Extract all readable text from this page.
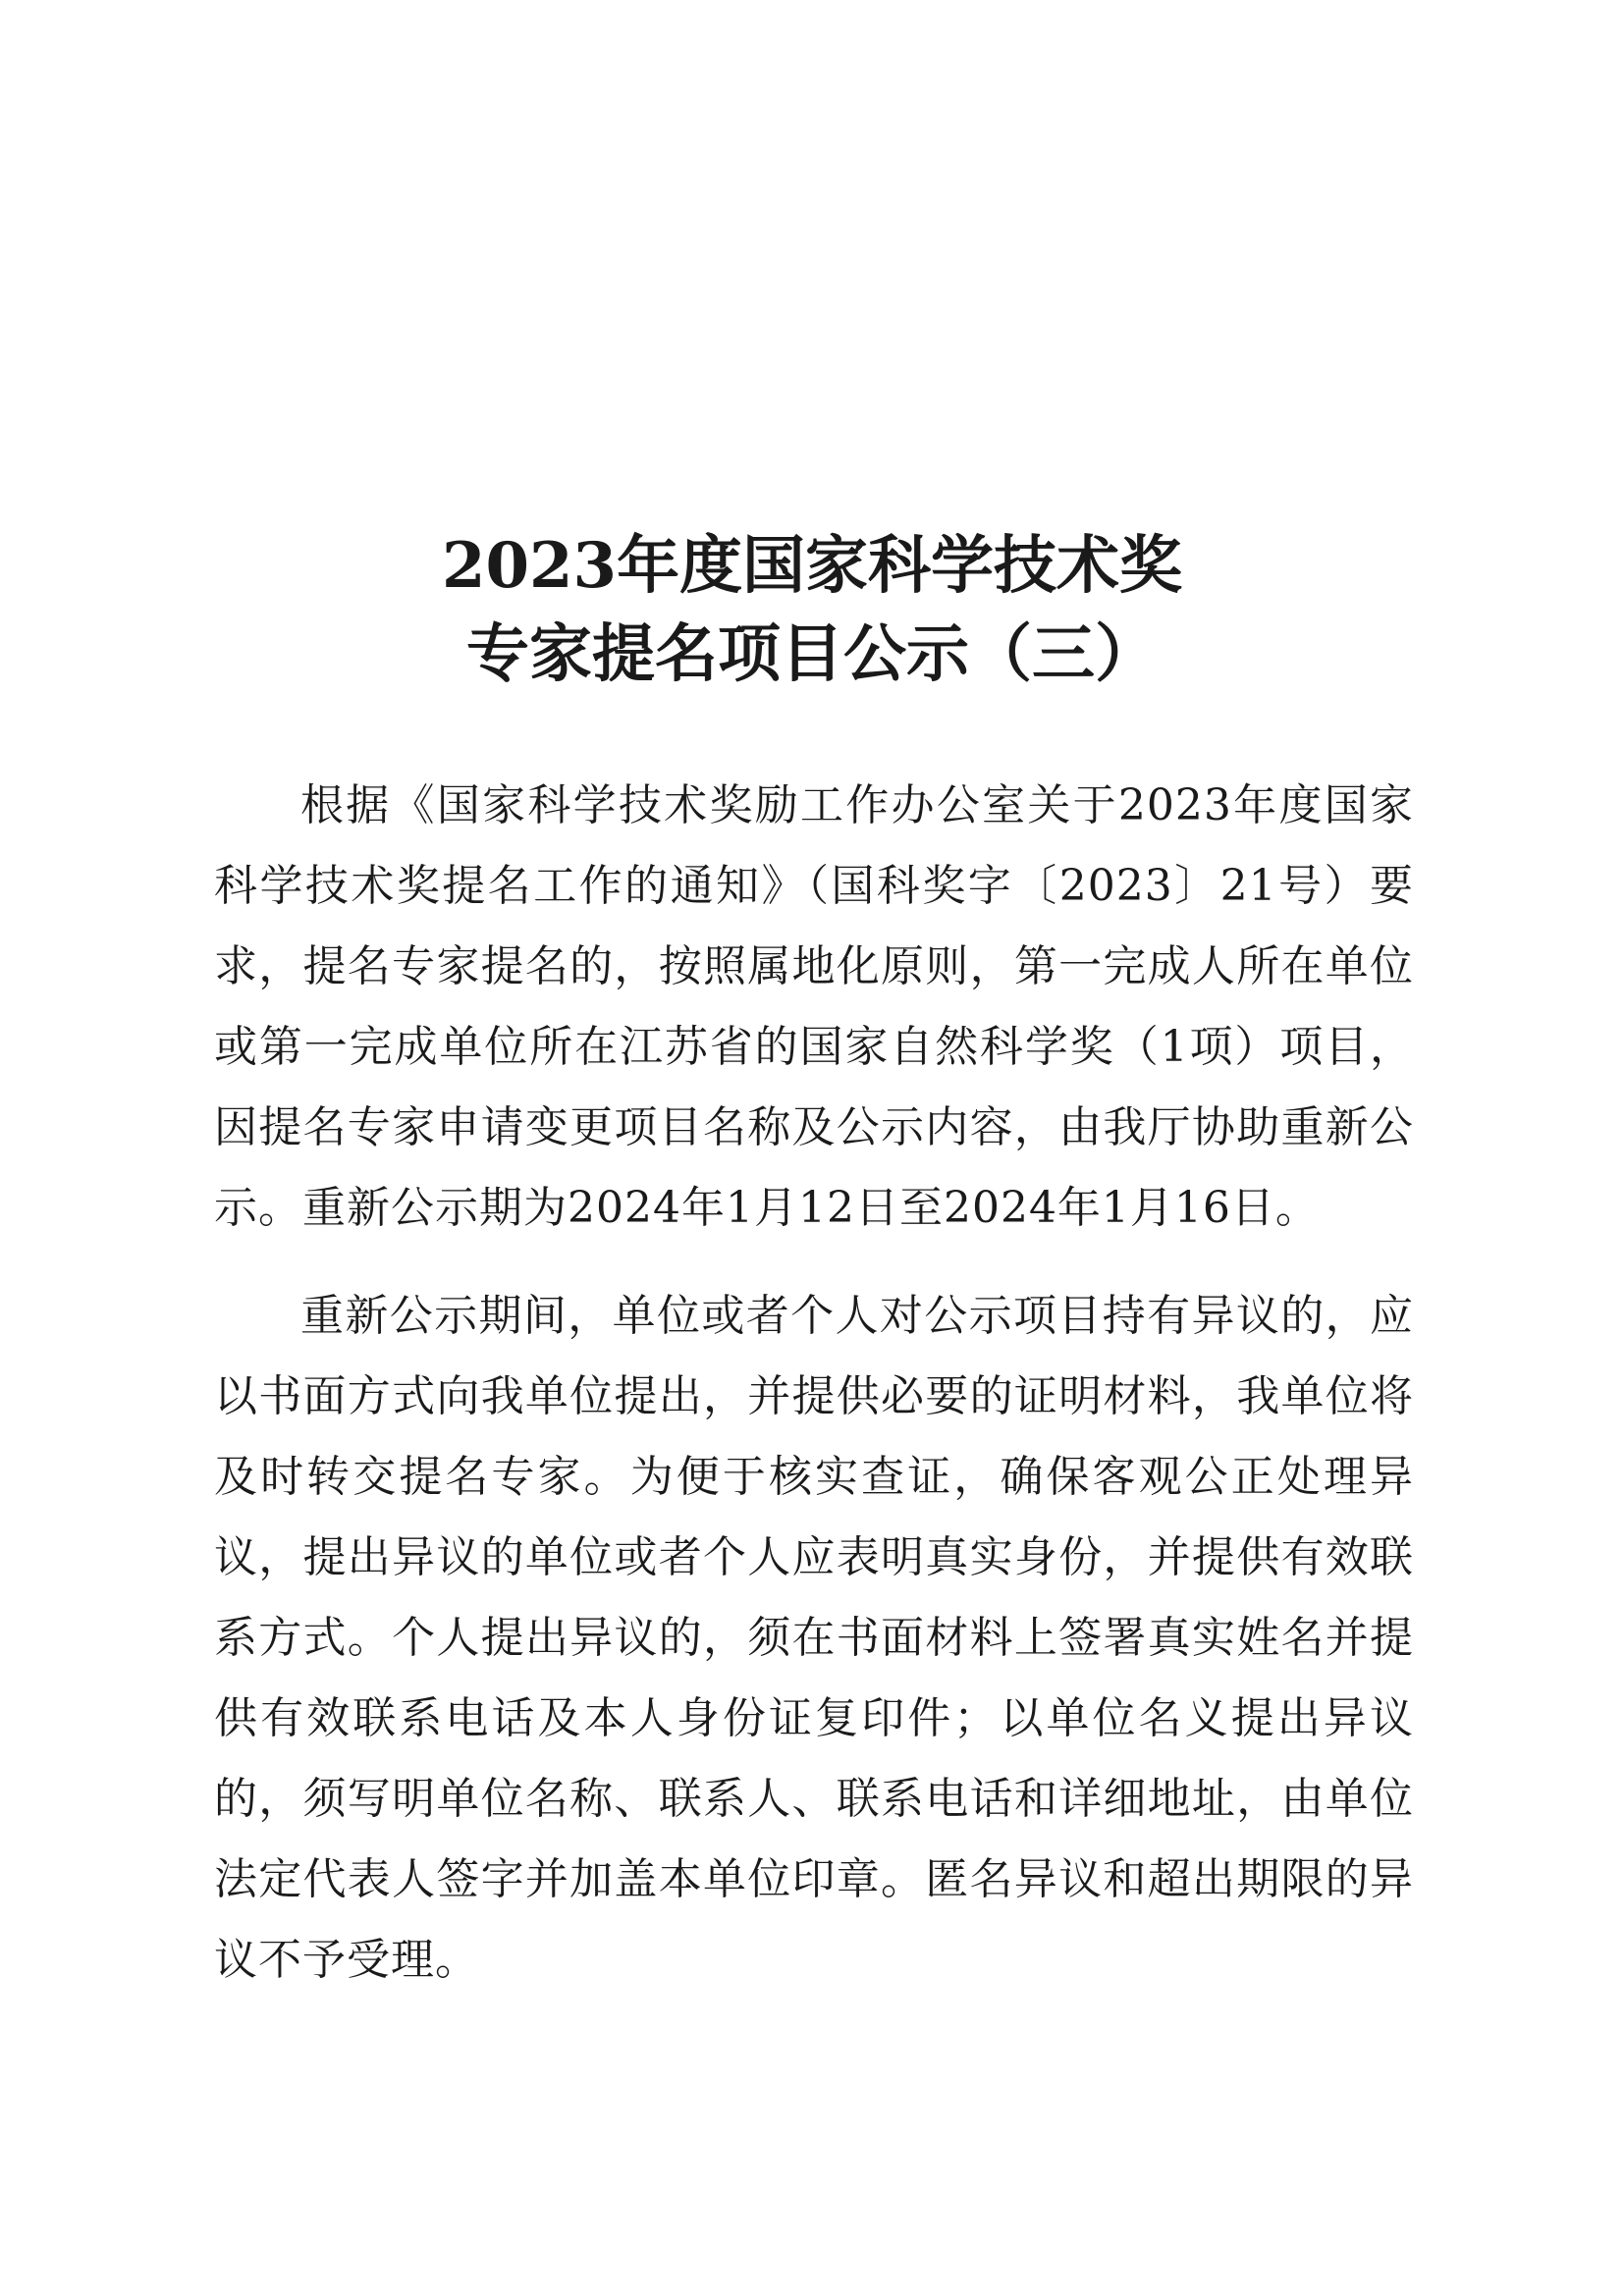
2023年度国家科学技术奖
专家提名项目公示（三）

根据《国家科学技术奖励工作办公室关于2023年度国家科学技术奖提名工作的通知》（国科奖字〔2023〕21号）要求，提名专家提名的，按照属地化原则，第一完成人所在单位或第一完成单位所在江苏省的国家自然科学奖（1项）项目，因提名专家申请变更项目名称及公示内容，由我厅协助重新公示。重新公示期为2024年1月12日至2024年1月16日。

重新公示期间，单位或者个人对公示项目持有异议的，应以书面方式向我单位提出，并提供必要的证明材料，我单位将及时转交提名专家。为便于核实查证，确保客观公正处理异议，提出异议的单位或者个人应表明真实身份，并提供有效联系方式。个人提出异议的，须在书面材料上签署真实姓名并提供有效联系电话及本人身份证复印件；以单位名义提出异议的，须写明单位名称、联系人、联系电话和详细地址，由单位法定代表人签字并加盖本单位印章。匿名异议和超出期限的异议不予受理。
